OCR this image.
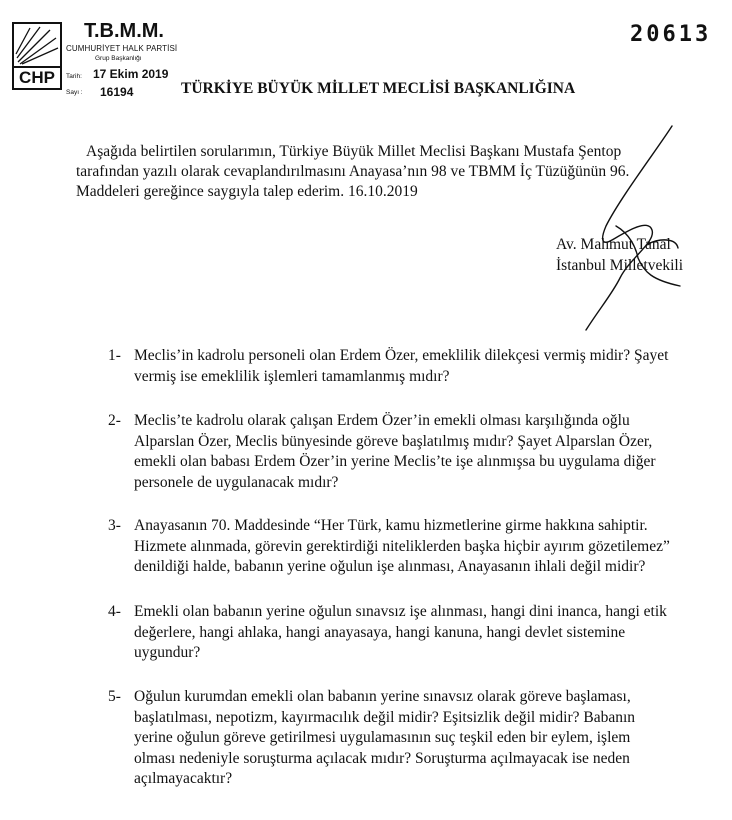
CHP
T.B.M.M.
CUMHURİYET HALK PARTİSİ
Grup Başkanlığı
Tarih: 17 Ekim 2019
Sayı : 16194
20613
TÜRKİYE BÜYÜK MİLLET MECLİSİ BAŞKANLIĞINA

Aşağıda belirtilen sorularımın, Türkiye Büyük Millet Meclisi Başkanı Mustafa Şentop

tarafından yazılı olarak cevaplandırılmasını Anayasa’nın 98 ve TBMM İç Tüzüğünün 96.

Maddeleri gereğince saygıyla talep ederim. 16.10.2019

Av. Mahmut Tanal
İstanbul Milletvekili
1- Meclis’in kadrolu personeli olan Erdem Özer, emeklilik dilekçesi vermiş midir? Şayet
vermiş ise emeklilik işlemleri tamamlanmış mıdır?
2- Meclis’te kadrolu olarak çalışan Erdem Özer’in emekli olması karşılığında oğlu
Alparslan Özer, Meclis bünyesinde göreve başlatılmış mıdır? Şayet Alparslan Özer,
emekli olan babası Erdem Özer’in yerine Meclis’te işe alınmışsa bu uygulama diğer
personele de uygulanacak mıdır?
3- Anayasanın 70. Maddesinde “Her Türk, kamu hizmetlerine girme hakkına sahiptir.
Hizmete alınmada, görevin gerektirdiği niteliklerden başka hiçbir ayırım gözetilemez”
denildiği halde, babanın yerine oğulun işe alınması, Anayasanın ihlali değil midir?
4- Emekli olan babanın yerine oğulun sınavsız işe alınması, hangi dini inanca, hangi etik
değerlere, hangi ahlaka, hangi anayasaya, hangi kanuna, hangi devlet sistemine
uygundur?
5- Oğulun kurumdan emekli olan babanın yerine sınavsız olarak göreve başlaması,
başlatılması, nepotizm, kayırmacılık değil midir? Eşitsizlik değil midir? Babanın
yerine oğulun göreve getirilmesi uygulamasının suç teşkil eden bir eylem, işlem
olması nedeniyle soruşturma açılacak mıdır? Soruşturma açılmayacak ise neden
açılmayacaktır?
